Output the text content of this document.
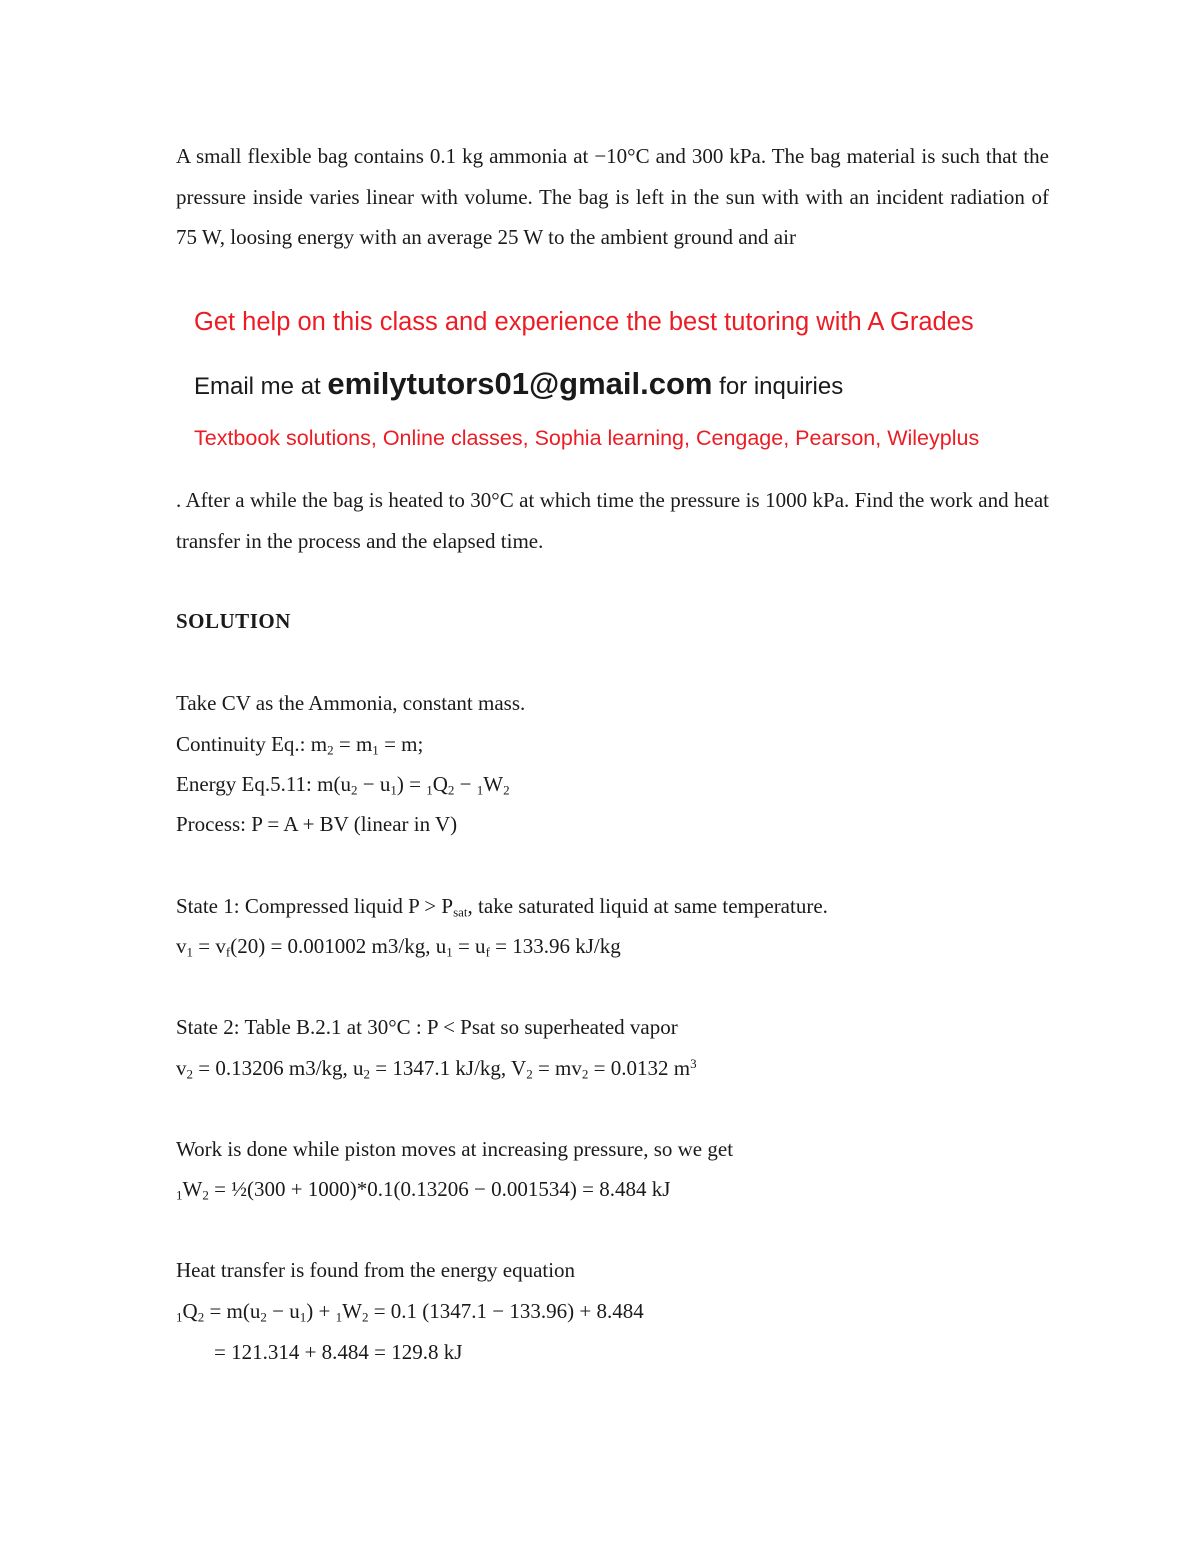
A small flexible bag contains 0.1 kg ammonia at −10°C and 300 kPa. The bag material is such that the pressure inside varies linear with volume. The bag is left in the sun with with an incident radiation of 75 W, loosing energy with an average 25 W to the ambient ground and air
Get help on this class and experience the best tutoring with A Grades
Email me at emilytutors01@gmail.com for inquiries
Textbook solutions, Online classes, Sophia learning, Cengage, Pearson, Wileyplus
. After a while the bag is heated to 30°C at which time the pressure is 1000 kPa. Find the work and heat transfer in the process and the elapsed time.
SOLUTION
Take CV as the Ammonia, constant mass.
Continuity Eq.: $m_2 = m_1 = m$;
Energy Eq.5.11: $m(u_2 - u_1) = 1Q_2 - 1W_2$
Process: P = A + BV (linear in V)
State 1: Compressed liquid $P > P_{sat}$, take saturated liquid at same temperature.
$v_1 = v_f(20) = 0.001002$ m3/kg, $u_1 = u_f = 133.96$ kJ/kg
State 2: Table B.2.1 at 30°C : P < Psat so superheated vapor
$v_2 = 0.13206$ m3/kg, $u_2 = 1347.1$ kJ/kg, $V_2 = mv_2 = 0.0132$ $m^3$
Work is done while piston moves at increasing pressure, so we get
$1W_2$ = ½(300 + 1000)*0.1(0.13206 − 0.001534) = 8.484 kJ
Heat transfer is found from the energy equation
$1Q_2 = m(u_2 - u_1) + 1W_2 = 0.1$ (1347.1 − 133.96) + 8.484
= 121.314 + 8.484 = 129.8 kJ
